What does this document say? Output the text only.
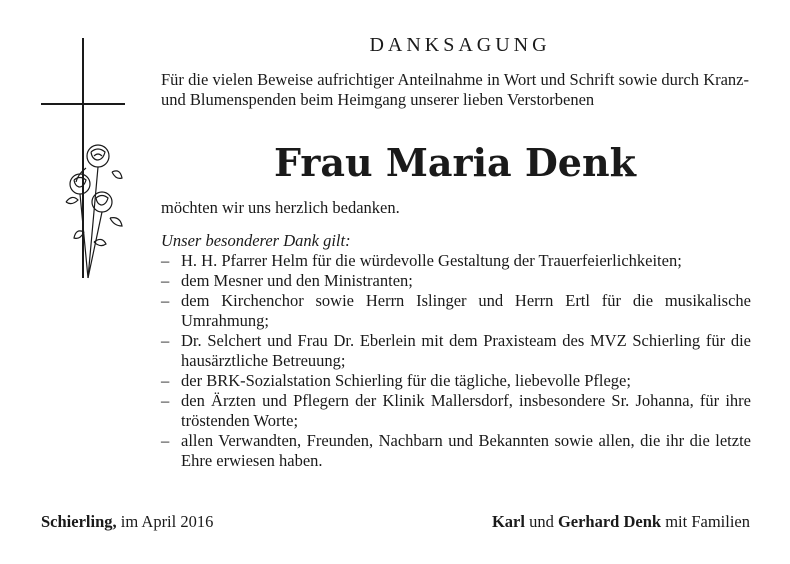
DANKSAGUNG
Für die vielen Beweise aufrichtiger Anteilnahme in Wort und Schrift sowie durch Kranz- und Blumenspenden beim Heimgang unserer lieben Verstorbenen
Frau Maria Denk
möchten wir uns herzlich bedanken.
Unser besonderer Dank gilt:
– H. H. Pfarrer Helm für die würdevolle Gestaltung der Trauerfeierlichkeiten;
– dem Mesner und den Ministranten;
– dem Kirchenchor sowie Herrn Islinger und Herrn Ertl für die musikalische Umrahmung;
– Dr. Selchert und Frau Dr. Eberlein mit dem Praxisteam des MVZ Schierling für die hausärztliche Betreuung;
– der BRK-Sozialstation Schierling für die tägliche, liebevolle Pflege;
– den Ärzten und Pflegern der Klinik Mallersdorf, insbesondere Sr. Johanna, für ihre tröstenden Worte;
– allen Verwandten, Freunden, Nachbarn und Bekannten sowie allen, die ihr die letzte Ehre erwiesen haben.
Schierling, im April 2016	Karl und Gerhard Denk mit Familien
